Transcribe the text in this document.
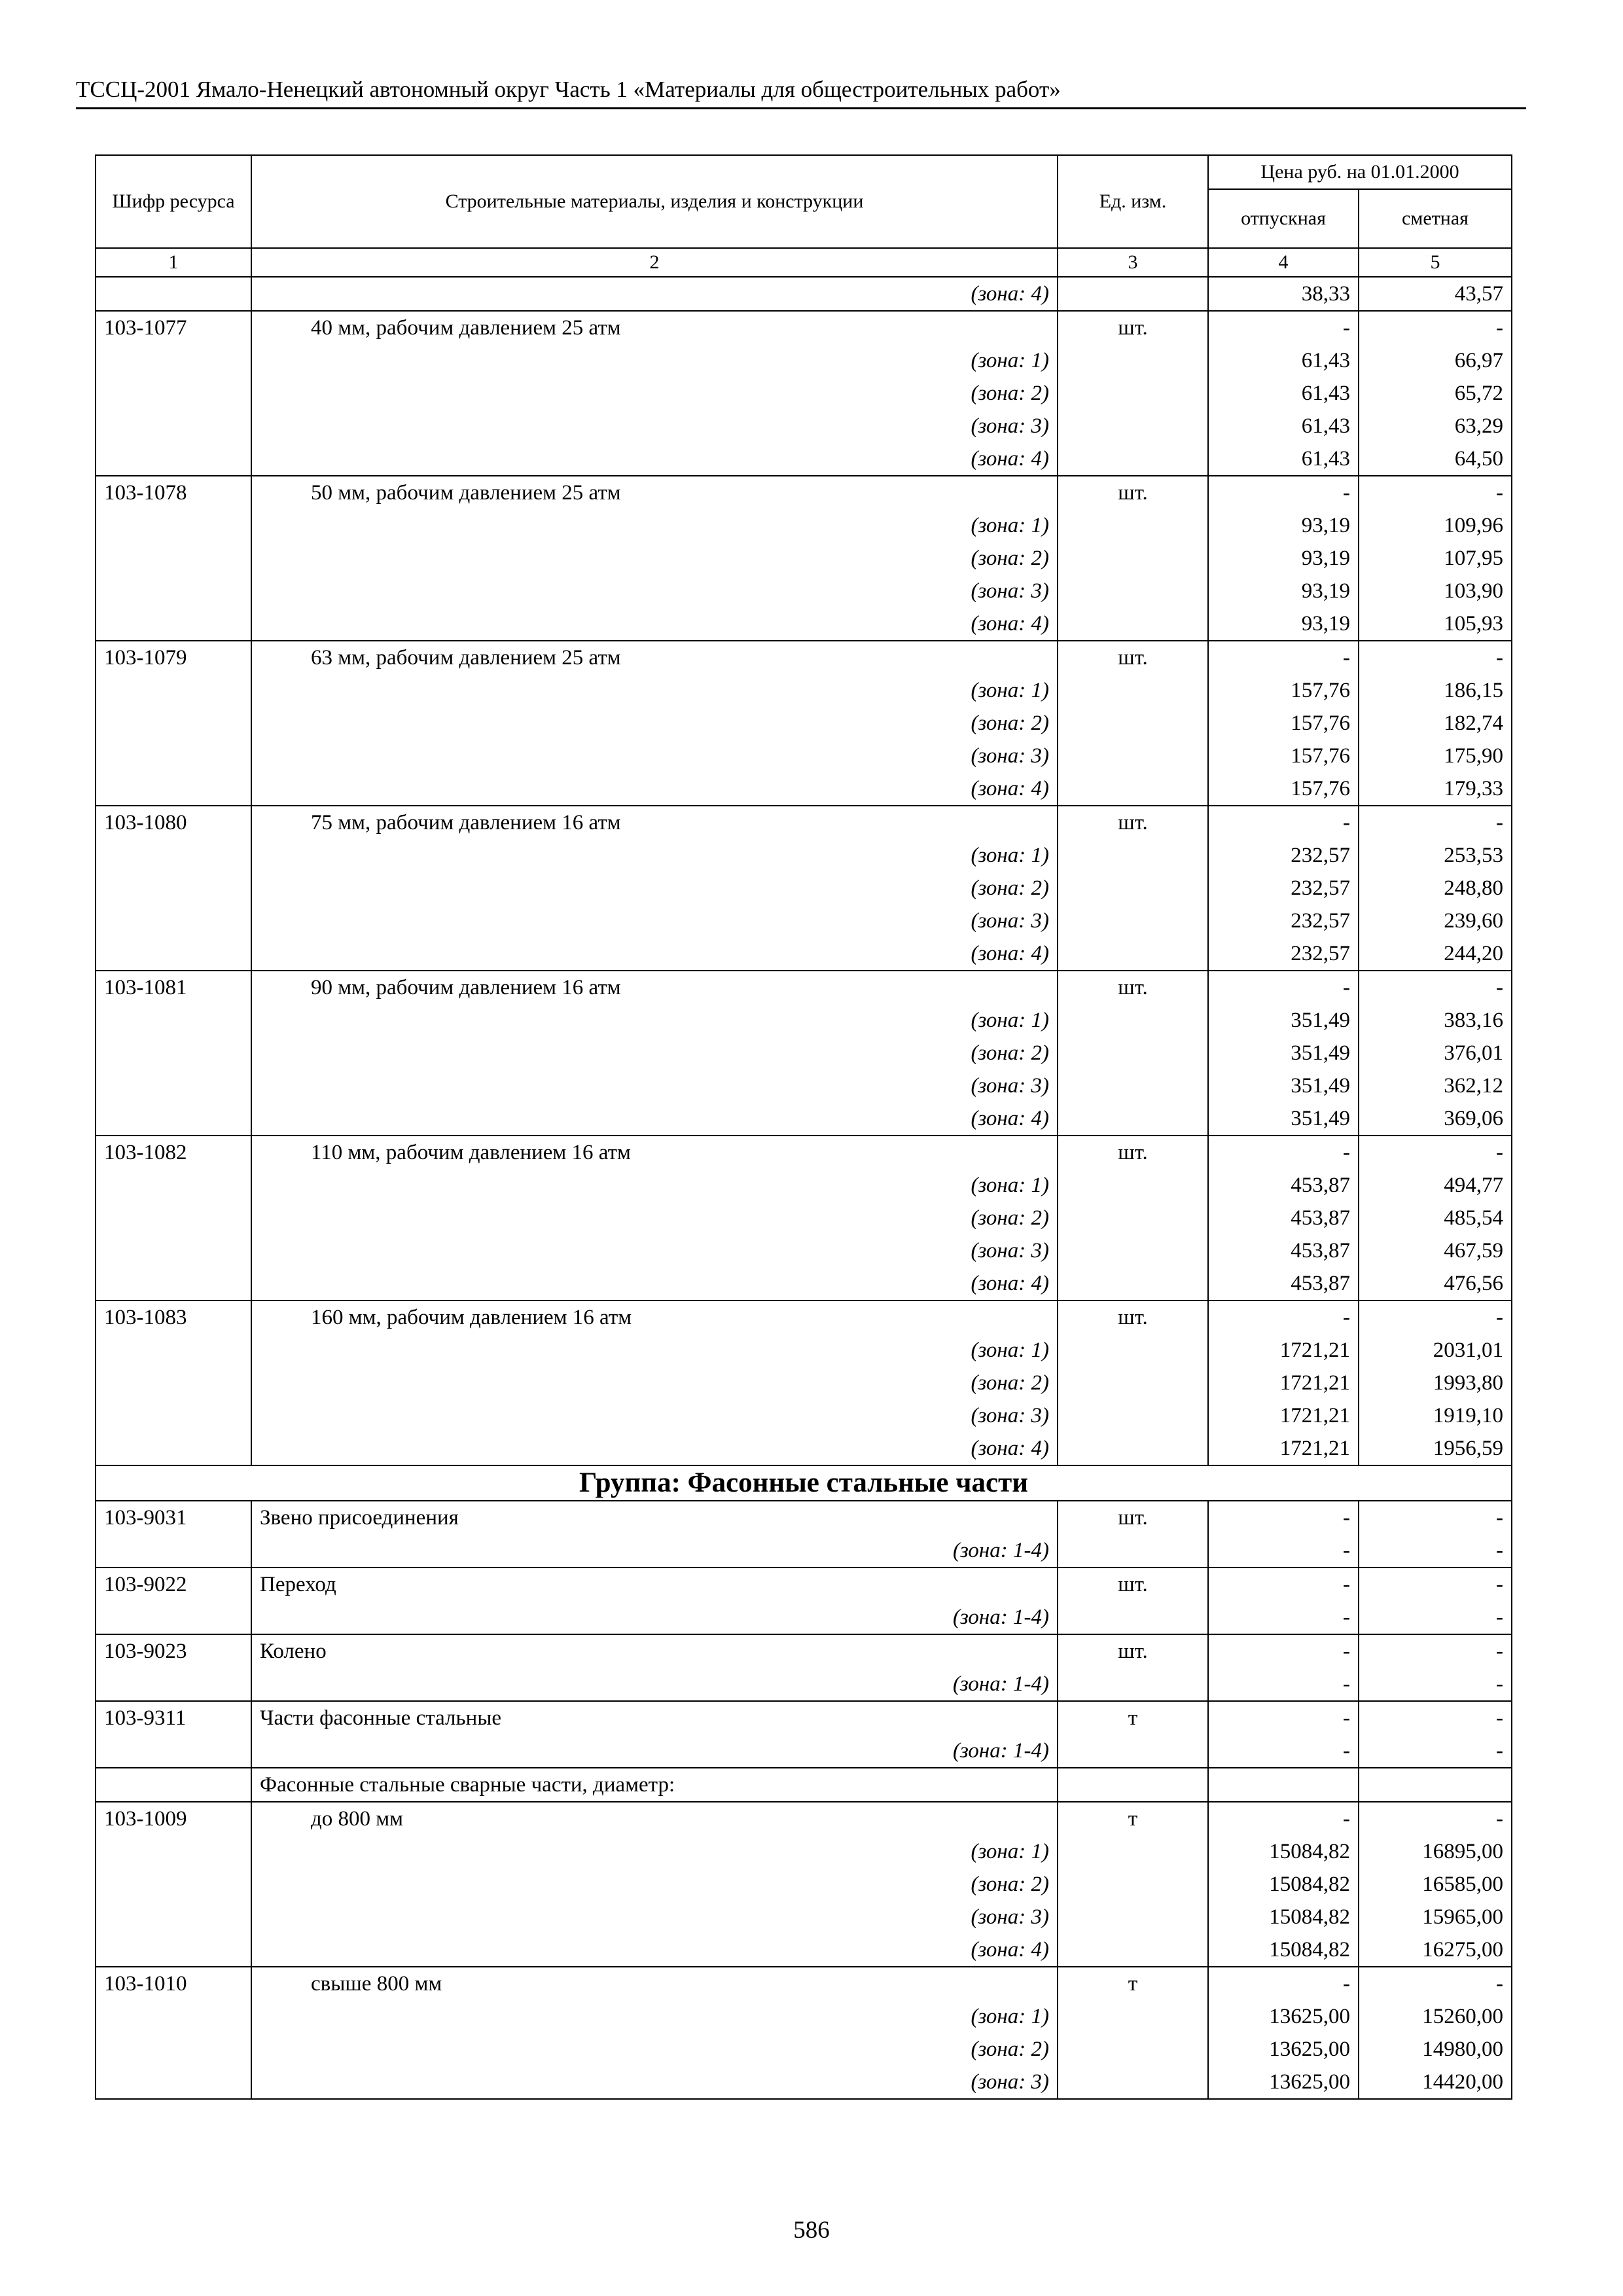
ТССЦ-2001 Ямало-Ненецкий автономный округ Часть 1 «Материалы для общестроительных работ»
Шифр ресурса	Строительные материалы, изделия и конструкции	Ед. изм.	Цена руб. на 01.01.2000	
			отпускная	сметная
1	2	3	4	5
	(зона: 4)		38,33	43,57
103-1077	40 мм, рабочим давлением 25 атм	шт.	-	-
	(зона: 1)		61,43	66,97
	(зона: 2)		61,43	65,72
	(зона: 3)		61,43	63,29
	(зона: 4)		61,43	64,50
103-1078	50 мм, рабочим давлением 25 атм	шт.	-	-
	(зона: 1)		93,19	109,96
	(зона: 2)		93,19	107,95
	(зона: 3)		93,19	103,90
	(зона: 4)		93,19	105,93
103-1079	63 мм, рабочим давлением 25 атм	шт.	-	-
	(зона: 1)		157,76	186,15
	(зона: 2)		157,76	182,74
	(зона: 3)		157,76	175,90
	(зона: 4)		157,76	179,33
103-1080	75 мм, рабочим давлением 16 атм	шт.	-	-
	(зона: 1)		232,57	253,53
	(зона: 2)		232,57	248,80
	(зона: 3)		232,57	239,60
	(зона: 4)		232,57	244,20
103-1081	90 мм, рабочим давлением 16 атм	шт.	-	-
	(зона: 1)		351,49	383,16
	(зона: 2)		351,49	376,01
	(зона: 3)		351,49	362,12
	(зона: 4)		351,49	369,06
103-1082	110 мм, рабочим давлением 16 атм	шт.	-	-
	(зона: 1)		453,87	494,77
	(зона: 2)		453,87	485,54
	(зона: 3)		453,87	467,59
	(зона: 4)		453,87	476,56
103-1083	160 мм, рабочим давлением 16 атм	шт.	-	-
	(зона: 1)		1721,21	2031,01
	(зона: 2)		1721,21	1993,80
	(зона: 3)		1721,21	1919,10
	(зона: 4)		1721,21	1956,59
Группа: Фасонные стальные части				
103-9031	Звено присоединения	шт.	-	-
	(зона: 1-4)		-	-
103-9022	Переход	шт.	-	-
	(зона: 1-4)		-	-
103-9023	Колено	шт.	-	-
	(зона: 1-4)		-	-
103-9311	Части фасонные стальные	т	-	-
	(зона: 1-4)		-	-
	Фасонные стальные сварные части, диаметр:			
103-1009	до 800 мм	т	-	-
	(зона: 1)		15084,82	16895,00
	(зона: 2)		15084,82	16585,00
	(зона: 3)		15084,82	15965,00
	(зона: 4)		15084,82	16275,00
103-1010	свыше 800 мм	т	-	-
	(зона: 1)		13625,00	15260,00
	(зона: 2)		13625,00	14980,00
	(зона: 3)		13625,00	14420,00
586
